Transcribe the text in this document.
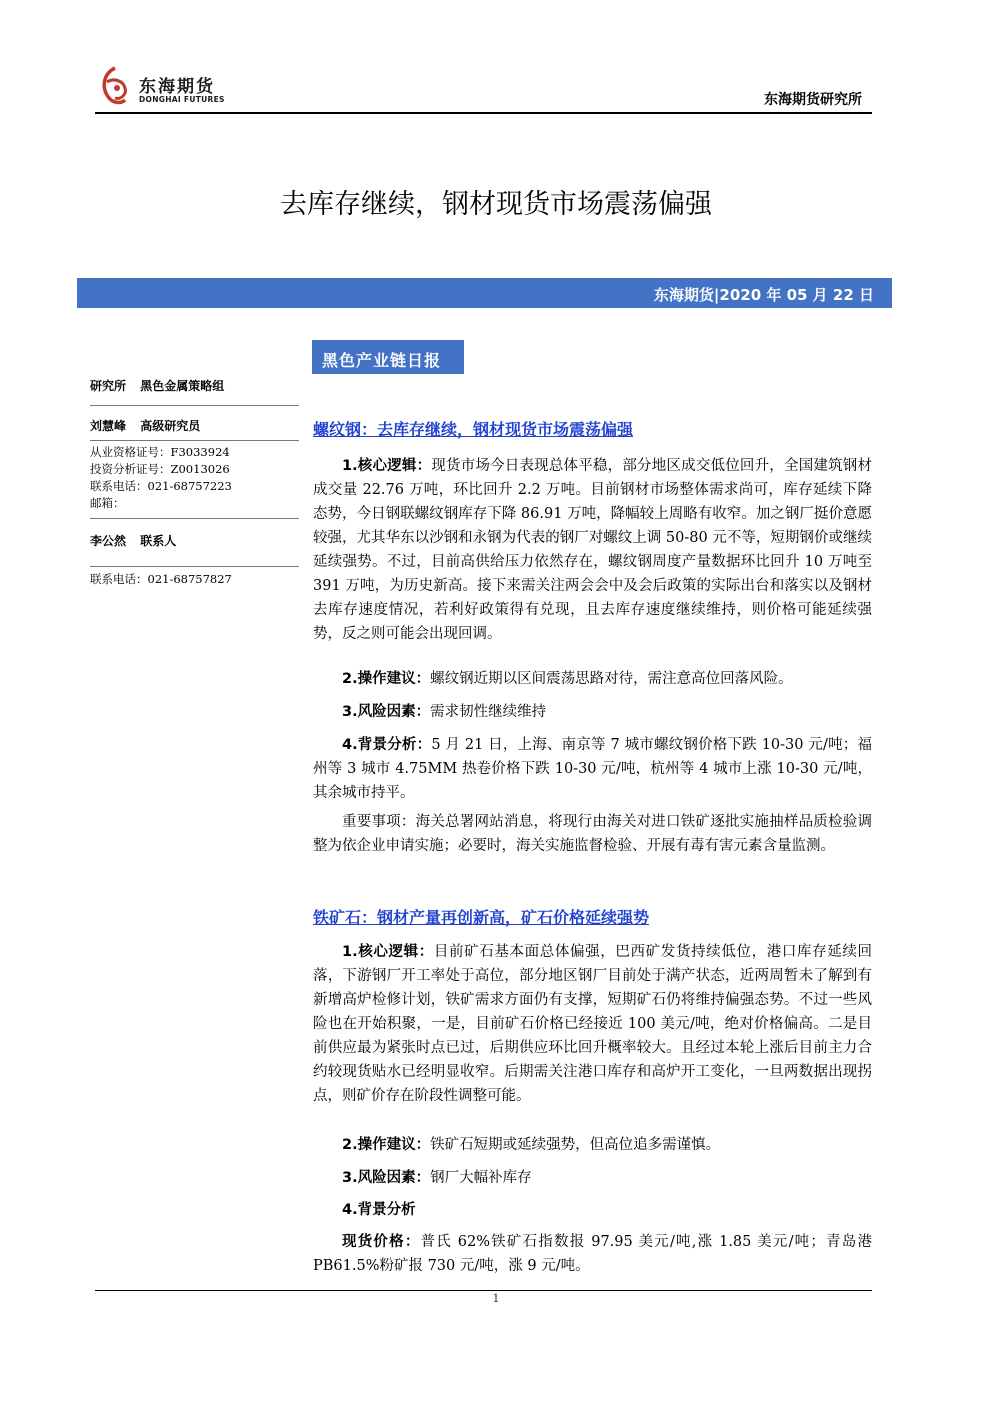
东海期货
DONGHAI FUTURES	东海期货研究所
去库存继续，钢材现货市场震荡偏强
东海期货|2020 年 05 月 22 日
黑色产业链日报
研究所 黑色金属策略组
刘慧峰 高级研究员
从业资格证号：F3033924
投资分析证号：Z0013026
联系电话：021-68757223
邮箱：
李公然 联系人
联系电话：021-68757827
螺纹钢：去库存继续，钢材现货市场震荡偏强
1.核心逻辑：现货市场今日表现总体平稳，部分地区成交低位回升，全国建筑钢材成交量 22.76 万吨，环比回升 2.2 万吨。目前钢材市场整体需求尚可，库存延续下降态势，今日钢联螺纹钢库存下降 86.91 万吨，降幅较上周略有收窄。加之钢厂挺价意愿较强，尤其华东以沙钢和永钢为代表的钢厂对螺纹上调 50-80 元不等，短期钢价或继续延续强势。不过，目前高供给压力依然存在，螺纹钢周度产量数据环比回升 10 万吨至 391 万吨，为历史新高。接下来需关注两会会中及会后政策的实际出台和落实以及钢材去库存速度情况，若利好政策得有兑现，且去库存速度继续维持，则价格可能延续强势，反之则可能会出现回调。
2.操作建议：螺纹钢近期以区间震荡思路对待，需注意高位回落风险。
3.风险因素：需求韧性继续维持
4.背景分析：5 月 21 日，上海、南京等 7 城市螺纹钢价格下跌 10-30 元/吨；福州等 3 城市 4.75MM 热卷价格下跌 10-30 元/吨，杭州等 4 城市上涨 10-30 元/吨，其余城市持平。
重要事项：海关总署网站消息，将现行由海关对进口铁矿逐批实施抽样品质检验调整为依企业申请实施；必要时，海关实施监督检验、开展有毒有害元素含量监测。
铁矿石：钢材产量再创新高，矿石价格延续强势
1.核心逻辑：目前矿石基本面总体偏强，巴西矿发货持续低位，港口库存延续回落，下游钢厂开工率处于高位，部分地区钢厂目前处于满产状态，近两周暂未了解到有新增高炉检修计划，铁矿需求方面仍有支撑，短期矿石仍将维持偏强态势。不过一些风险也在开始积聚，一是，目前矿石价格已经接近 100 美元/吨，绝对价格偏高。二是目前供应最为紧张时点已过，后期供应环比回升概率较大。且经过本轮上涨后目前主力合约较现货贴水已经明显收窄。后期需关注港口库存和高炉开工变化，一旦两数据出现拐点，则矿价存在阶段性调整可能。
2.操作建议：铁矿石短期或延续强势，但高位追多需谨慎。
3.风险因素：钢厂大幅补库存
4.背景分析
现货价格：普氏 62%铁矿石指数报 97.95 美元/吨,涨 1.85 美元/吨；青岛港 PB61.5%粉矿报 730 元/吨，涨 9 元/吨。
1
